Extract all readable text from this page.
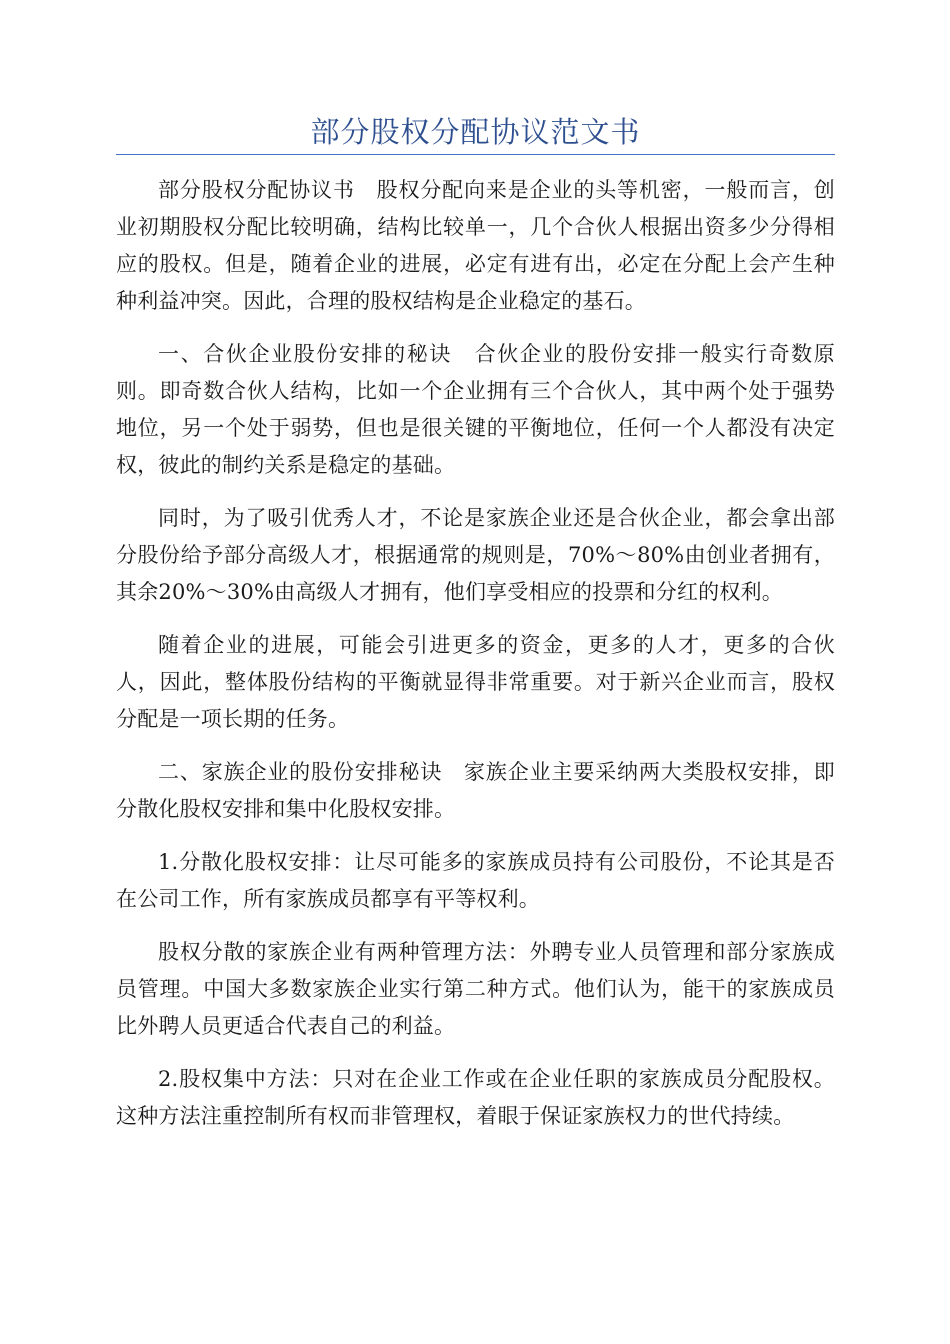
部分股权分配协议范文书

部分股权分配协议书　股权分配向来是企业的头等机密，一般而言，创业初期股权分配比较明确，结构比较单一，几个合伙人根据出资多少分得相应的股权。但是，随着企业的进展，必定有进有出，必定在分配上会产生种种利益冲突。因此，合理的股权结构是企业稳定的基石。

一、合伙企业股份安排的秘诀　合伙企业的股份安排一般实行奇数原则。即奇数合伙人结构，比如一个企业拥有三个合伙人，其中两个处于强势地位，另一个处于弱势，但也是很关键的平衡地位，任何一个人都没有决定权，彼此的制约关系是稳定的基础。

同时，为了吸引优秀人才，不论是家族企业还是合伙企业，都会拿出部分股份给予部分高级人才，根据通常的规则是，70%～80%由创业者拥有，其余20%～30%由高级人才拥有，他们享受相应的投票和分红的权利。

随着企业的进展，可能会引进更多的资金，更多的人才，更多的合伙人，因此，整体股份结构的平衡就显得非常重要。对于新兴企业而言，股权分配是一项长期的任务。

二、家族企业的股份安排秘诀　家族企业主要采纳两大类股权安排，即分散化股权安排和集中化股权安排。

1.分散化股权安排：让尽可能多的家族成员持有公司股份，不论其是否在公司工作，所有家族成员都享有平等权利。

股权分散的家族企业有两种管理方法：外聘专业人员管理和部分家族成员管理。中国大多数家族企业实行第二种方式。他们认为，能干的家族成员比外聘人员更适合代表自己的利益。

2.股权集中方法：只对在企业工作或在企业任职的家族成员分配股权。这种方法注重控制所有权而非管理权，着眼于保证家族权力的世代持续。
